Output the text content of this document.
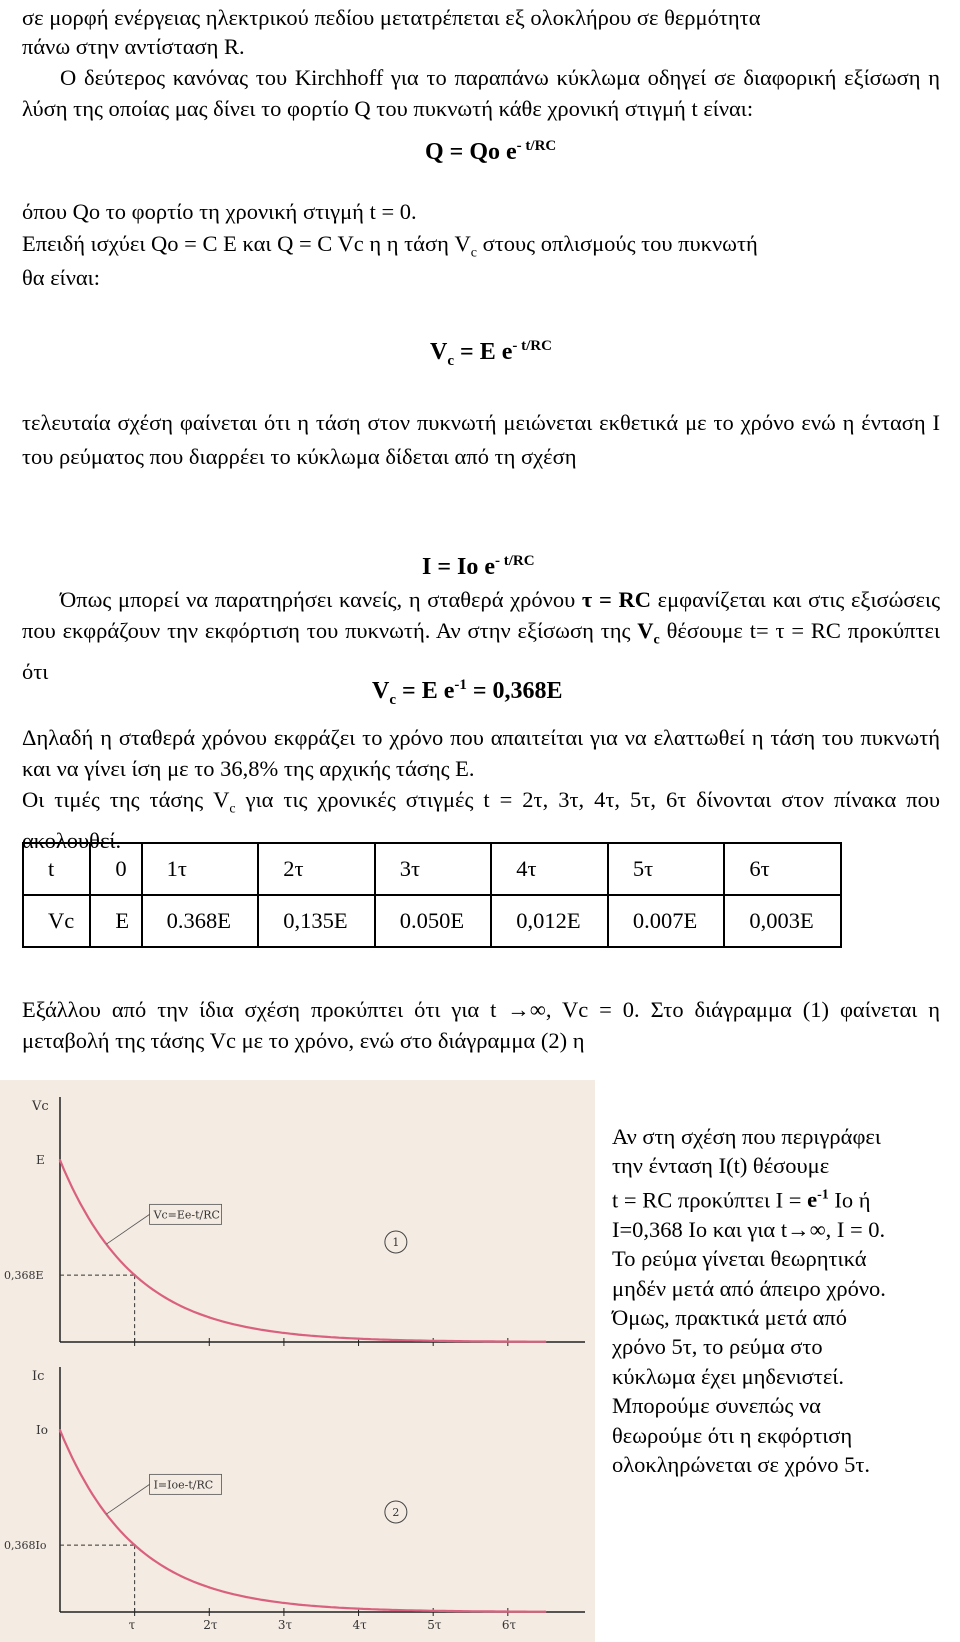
σε μορφή ενέργειας ηλεκτρικού πεδίου μετατρέπεται εξ ολοκλήρου σε θερμότητα

πάνω στην αντίσταση R.

Ο δεύτερος κανόνας του Kirchhoff για το παραπάνω κύκλωμα οδηγεί σε διαφορική εξίσωση η λύση της οποίας μας δίνει το φορτίο Q του πυκνωτή κάθε χρονική στιγμή t είναι:

Q = Qo $e^{- t/RC}$

όπου Qo το φορτίο τη χρονική στιγμή t = 0.

Επειδή ισχύει Qo = C E και Q = C Vc η η τάση $V_c$ στους οπλισμούς του πυκνωτή

θα είναι:

$V_c = E$ $e^{- t/RC}$

τελευταία σχέση φαίνεται ότι η τάση στον πυκνωτή μειώνεται εκθετικά με το χρόνο ενώ η ένταση I του ρεύματος που διαρρέει το κύκλωμα δίδεται από τη σχέση

I = Io $e^{- t/RC}$

Όπως μπορεί να παρατηρήσει κανείς, η σταθερά χρόνου τ = RC εμφανίζεται και στις εξισώσεις που εκφράζουν την εκφόρτιση του πυκνωτή. Αν στην εξίσωση της $V_c$ θέσουμε t= τ = RC προκύπτει ότι

$V_c = E$ $e^{-1} = 0,368E$

Δηλαδή η σταθερά χρόνου εκφράζει το χρόνο που απαιτείται για να ελαττωθεί η τάση του πυκνωτή και να γίνει ίση με το 36,8% της αρχικής τάσης E.

Οι τιμές της τάσης $V_c$ για τις χρονικές στιγμές t = 2τ, 3τ, 4τ, 5τ, 6τ δίνονται στον πίνακα που ακολουθεί.

t	0	1τ	2τ	3τ	4τ	5τ	6τ
Vc	E	0.368E	0,135E	0.050E	0,012E	0.007E	0,003E

Εξάλλου από την ίδια σχέση προκύπτει ότι για t →∞, Vc = 0. Στο διάγραμμα (1) φαίνεται η μεταβολή της τάσης Vc με το χρόνο, ενώ στο διάγραμμα (2) η

Vc
τ	2τ	3τ	4τ	5τ	6τ
E
0,368E
Vc=Ee-t/RC
1
Ic
τ	2τ	3τ	4τ	5τ	6τ
Io
0,368Io
I=Ioe-t/RC
2

Αν στη σχέση που περιγράφει

την ένταση I(t) θέσουμε

t = RC προκύπτει $I = e^{-1}$ Io ή

I=0,368 Io και για t→∞, I = 0.

Το ρεύμα γίνεται θεωρητικά

μηδέν μετά από άπειρο χρόνο.

Όμως, πρακτικά μετά από

χρόνο 5τ, το ρεύμα στο

κύκλωμα έχει μηδενιστεί.

Μπορούμε συνεπώς να

θεωρούμε ότι η εκφόρτιση

ολοκληρώνεται σε χρόνο 5τ.
